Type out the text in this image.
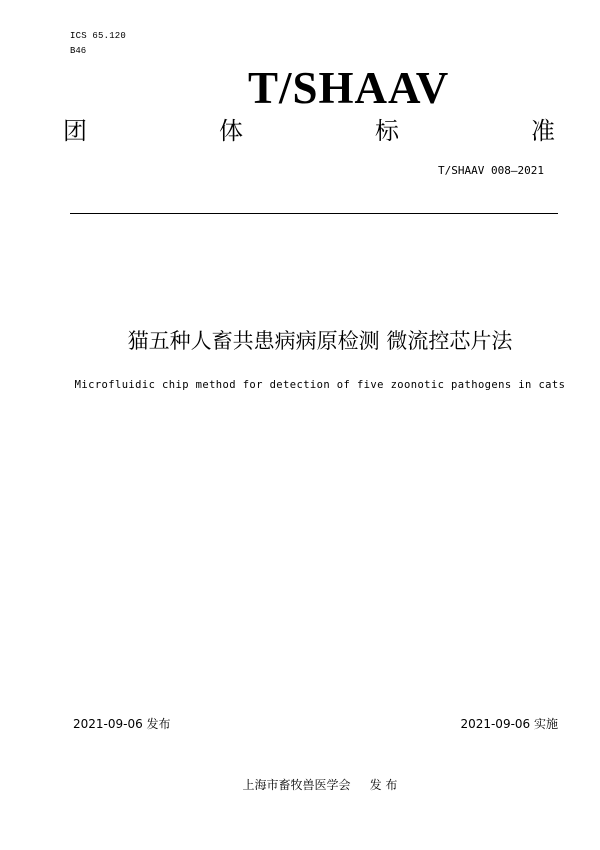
ICS 65.120
B46
T/SHAAV
团	体	标	准
T/SHAAV 008—2021
猫五种人畜共患病病原检测 微流控芯片法
Microfluidic chip method for detection of five zoonotic pathogens in cats
2021-09-06 发布	2021-09-06 实施
上海市畜牧兽医学会     发 布
